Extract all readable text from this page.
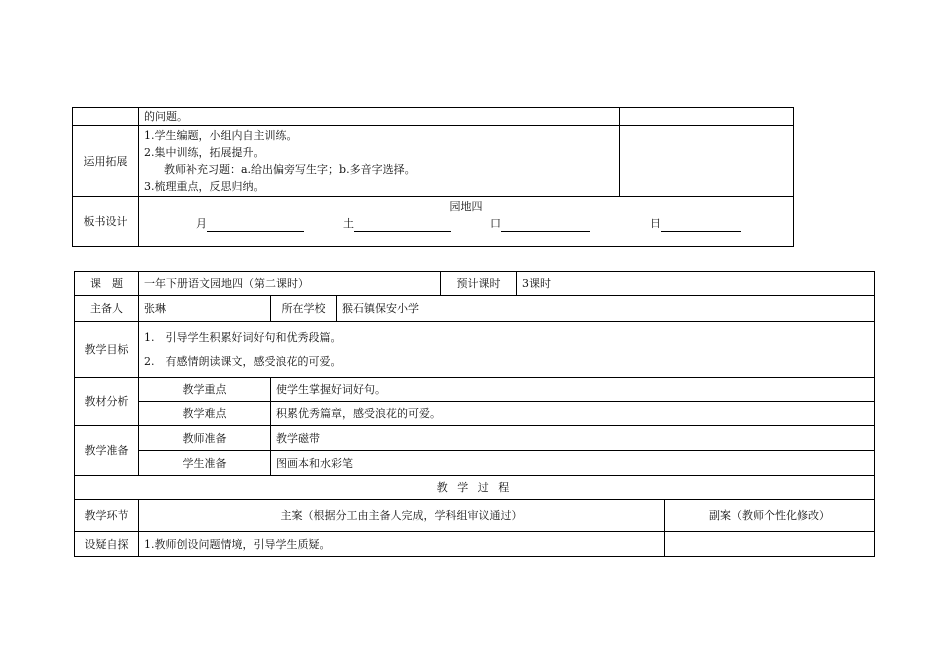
	的问题。	
运用拓展	1.学生编题，小组内自主训练。
2.集中训练，拓展提升。
教师补充习题：a.给出偏旁写生字；b.多音字选择。
3.梳理重点，反思归纳。	

板书设计	园地四
月 土 口 日	
课　题	一年下册语文园地四（第二课时）			预计课时	3课时	
主备人	张琳	所在学校	猴石镇保安小学			
教学目标	1.　引导学生积累好词好句和优秀段篇。
2.　有感情朗读课文，感受浪花的可爱。					

教材分析	教学重点	使学生掌握好词好句。				
	教学难点	积累优秀篇章，感受浪花的可爱。				
教学准备	教师准备	教学磁带				
	学生准备	图画本和水彩笔				
教 学 过 程						
教学环节	主案（根据分工由主备人完成，学科组审议通过）					副案（教师个性化修改）
设疑自探	1.教师创设问题情境，引导学生质疑。					
